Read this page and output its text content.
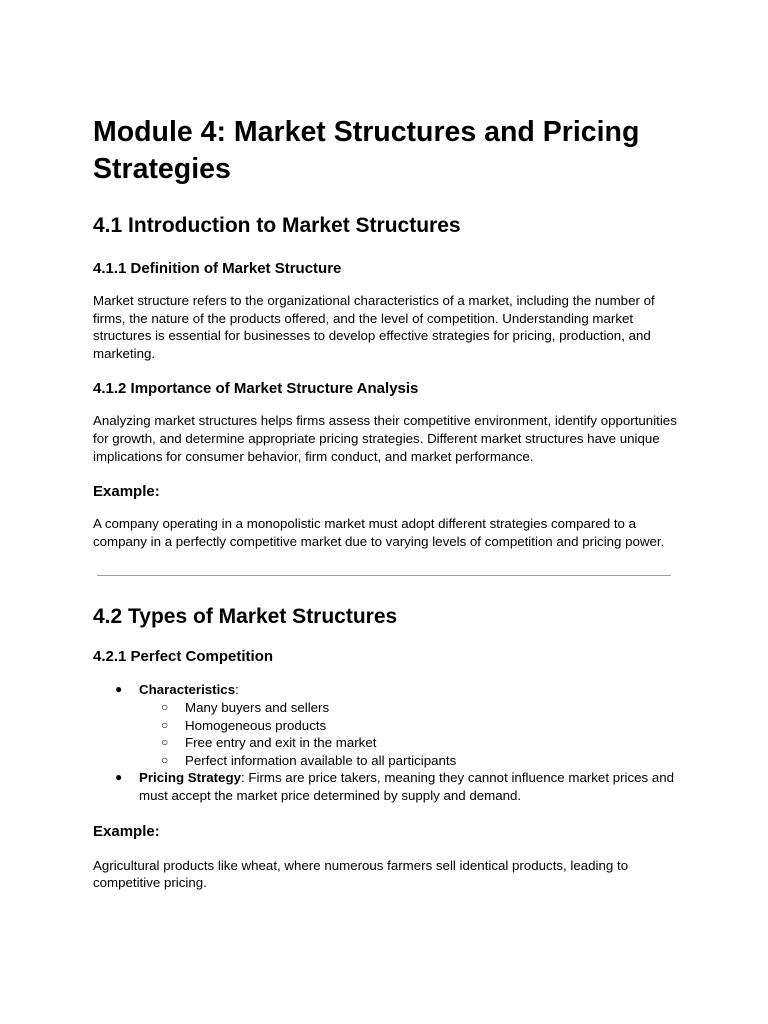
Module 4: Market Structures and Pricing Strategies
4.1 Introduction to Market Structures
4.1.1 Definition of Market Structure

Market structure refers to the organizational characteristics of a market, including the number of firms, the nature of the products offered, and the level of competition. Understanding market structures is essential for businesses to develop effective strategies for pricing, production, and marketing.

4.1.2 Importance of Market Structure Analysis

Analyzing market structures helps firms assess their competitive environment, identify opportunities for growth, and determine appropriate pricing strategies. Different market structures have unique implications for consumer behavior, firm conduct, and market performance.

Example:

A company operating in a monopolistic market must adopt different strategies compared to a company in a perfectly competitive market due to varying levels of competition and pricing power.

4.2 Types of Market Structures
4.2.1 Perfect Competition
● Characteristics:
○ Many buyers and sellers
○ Homogeneous products
○ Free entry and exit in the market
○ Perfect information available to all participants
● Pricing Strategy: Firms are price takers, meaning they cannot influence market prices and must accept the market price determined by supply and demand.
Example:

Agricultural products like wheat, where numerous farmers sell identical products, leading to competitive pricing.
